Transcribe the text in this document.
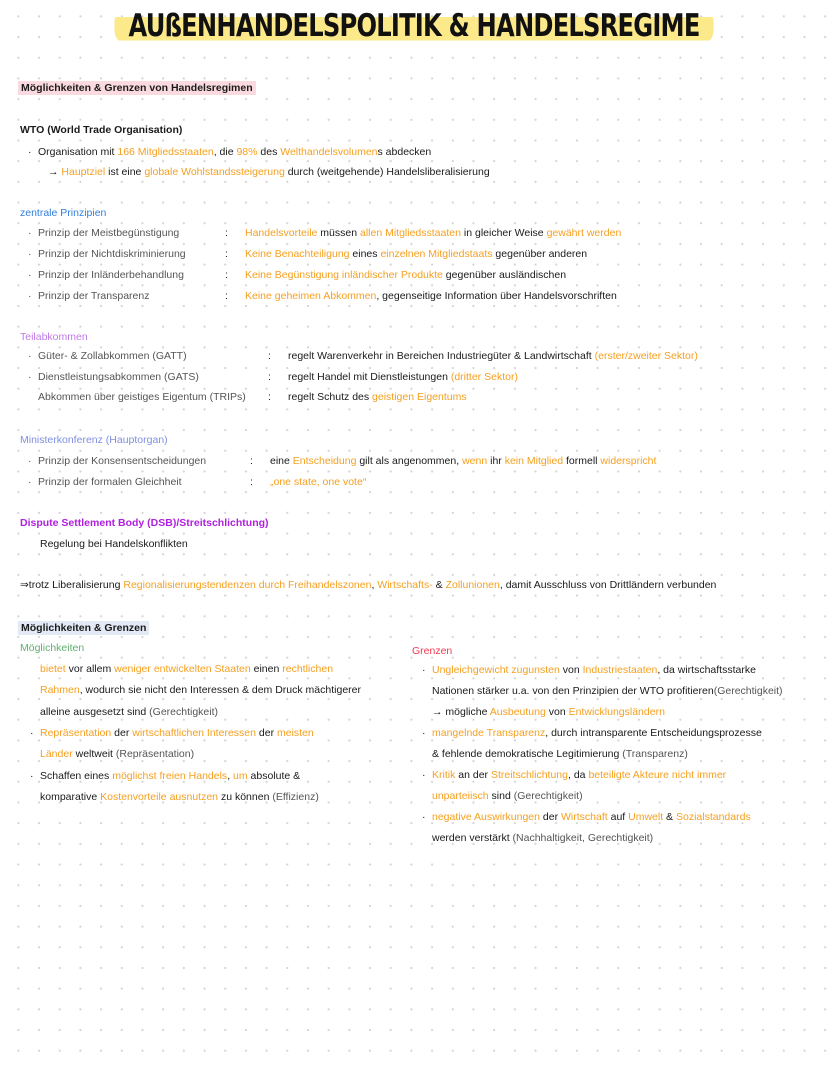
AUßENHANDELSPOLITIK & HANDELSREGIME
Möglichkeiten & Grenzen von Handelsregimen
WTO (World Trade Organisation)
· Organisation mit 166 Mitgliedsstaaten, die 98% des Welthandelsvolumens abdecken
→ Hauptziel ist eine globale Wohlstandssteigerung durch (weitgehende) Handelsliberalisierung
zentrale Prinzipien
Teilabkommen
Ministerkonferenz (Hauptorgan)
Dispute Settlement Body (DSB)/Streitschlichtung)
Regelung bei Handelskonflikten
⇒trotz Liberalisierung Regionalisierungstendenzen durch Freihandelszonen, Wirtschafts- & Zollunionen, damit Ausschluss von Drittländern verbunden
Möglichkeiten & Grenzen
Möglichkeiten	Grenzen
· Prinzip der Meistbegünstigung	:	Handelsvorteile müssen allen Mitgliedsstaaten in gleicher Weise gewährt werden
· Prinzip der Nichtdiskriminierung	:	Keine Benachteiligung eines einzelnen Mitgliedstaats gegenüber anderen
· Prinzip der Inländerbehandlung	:	Keine Begünstigung inländischer Produkte gegenüber ausländischen
· Prinzip der Transparenz	:	Keine geheimen Abkommen, gegenseitige Information über Handelsvorschriften
· Güter- & Zollabkommen (GATT)	:	regelt Warenverkehr in Bereichen Industriegüter & Landwirtschaft (erster/zweiter Sektor)
· Dienstleistungsabkommen (GATS)	:	regelt Handel mit Dienstleistungen (dritter Sektor)
Abkommen über geistiges Eigentum (TRIPs)	:	regelt Schutz des geistigen Eigentums
· Prinzip der Konsensentscheidungen	:	eine Entscheidung gilt als angenommen, wenn ihr kein Mitglied formell widerspricht
· Prinzip der formalen Gleichheit	:	„one state, one vote“
bietet vor allem weniger entwickelten Staaten einen rechtlichen
Rahmen, wodurch sie nicht den Interessen & dem Druck mächtigerer
alleine ausgesetzt sind (Gerechtigkeit)
· Repräsentation der wirtschaftlichen Interessen der meisten
Länder weltweit (Repräsentation)
· Schaffen eines möglichst freien Handels, um absolute &
komparative Kostenvorteile ausnutzen zu können (Effizienz)
· Ungleichgewicht zugunsten von Industriestaaten, da wirtschaftsstarke
Nationen stärker u.a. von den Prinzipien der WTO profitieren(Gerechtigkeit)
→ mögliche Ausbeutung von Entwicklungsländern
· mangelnde Transparenz, durch intransparente Entscheidungsprozesse
& fehlende demokratische Legitimierung (Transparenz)
· Kritik an der Streitschlichtung, da beteiligte Akteure nicht immer
unparteiisch sind (Gerechtigkeit)
· negative Auswirkungen der Wirtschaft auf Umwelt & Sozialstandards
werden verstärkt (Nachhaltigkeit, Gerechtigkeit)
